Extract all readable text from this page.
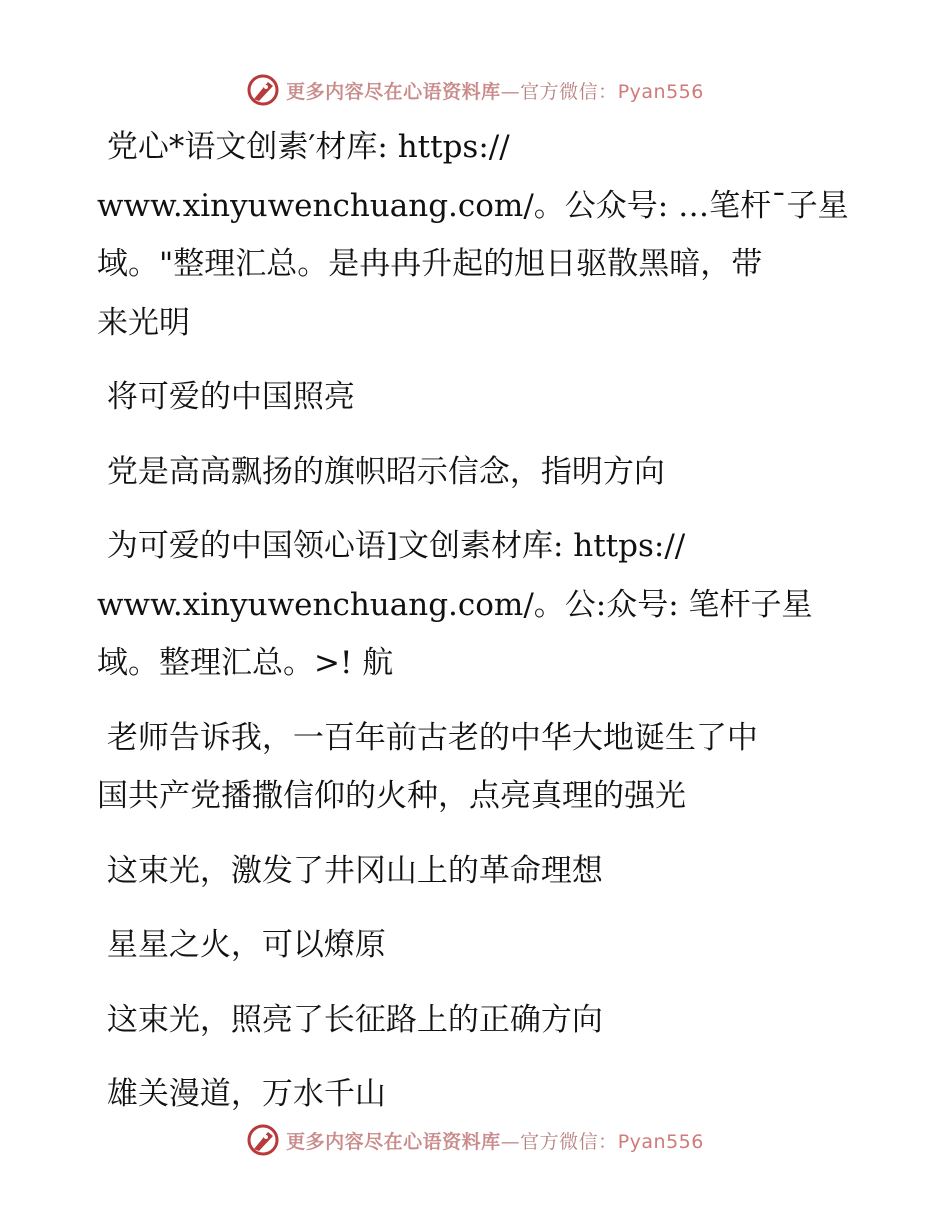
更多内容尽在心语资料库—官方微信：Pyan556
党心*语文创素′材库: https://
www.xinyuwenchuang.com/。公众号: …笔杆¯子星
域。"整理汇总。是冉冉升起的旭日驱散黑暗，带
来光明
将可爱的中国照亮
党是高高飘扬的旗帜昭示信念，指明方向
为可爱的中国领心语]文创素材库: https://
www.xinyuwenchuang.com/。公:众号: 笔杆子星
域。整理汇总。>! 航
老师告诉我，一百年前古老的中华大地诞生了中
国共产党播撒信仰的火种，点亮真理的强光
这束光，激发了井冈山上的革命理想
星星之火，可以燎原
这束光，照亮了长征路上的正确方向
雄关漫道，万水千山
更多内容尽在心语资料库—官方微信：Pyan556
